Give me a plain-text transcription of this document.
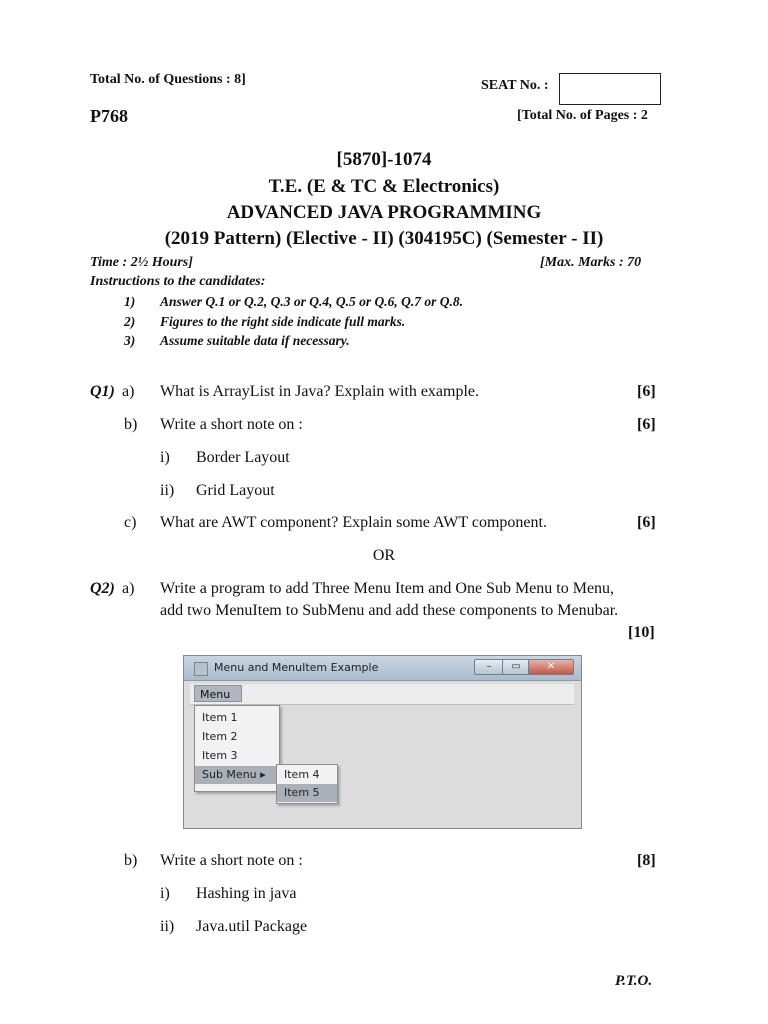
Total No. of Questions : 8]	SEAT No. :
P768	[Total No. of Pages : 2
[5870]-1074
T.E. (E & TC & Electronics)
ADVANCED JAVA PROGRAMMING
(2019 Pattern) (Elective - II) (304195C) (Semester - II)
Time : 2½ Hours]	[Max. Marks : 70
Instructions to the candidates:
1) Answer Q.1 or Q.2, Q.3 or Q.4, Q.5 or Q.6, Q.7 or Q.8.
2) Figures to the right side indicate full marks.
3) Assume suitable data if necessary.
Q1) a) What is ArrayList in Java? Explain with example.	[6]
b) Write a short note on :	[6]
i) Border Layout
ii) Grid Layout
c) What are AWT component? Explain some AWT component.	[6]
OR
Q2) a) Write a program to add Three Menu Item and One Sub Menu to Menu,
add two MenuItem to SubMenu and add these components to Menubar.
[10]
Menu and MenuItem Example	–	▭	✕
Menu
Item 1
Item 2
Item 3
Sub Menu ▸	Item 4
Item 5
b) Write a short note on :	[8]
i) Hashing in java
ii) Java.util Package
P.T.O.
